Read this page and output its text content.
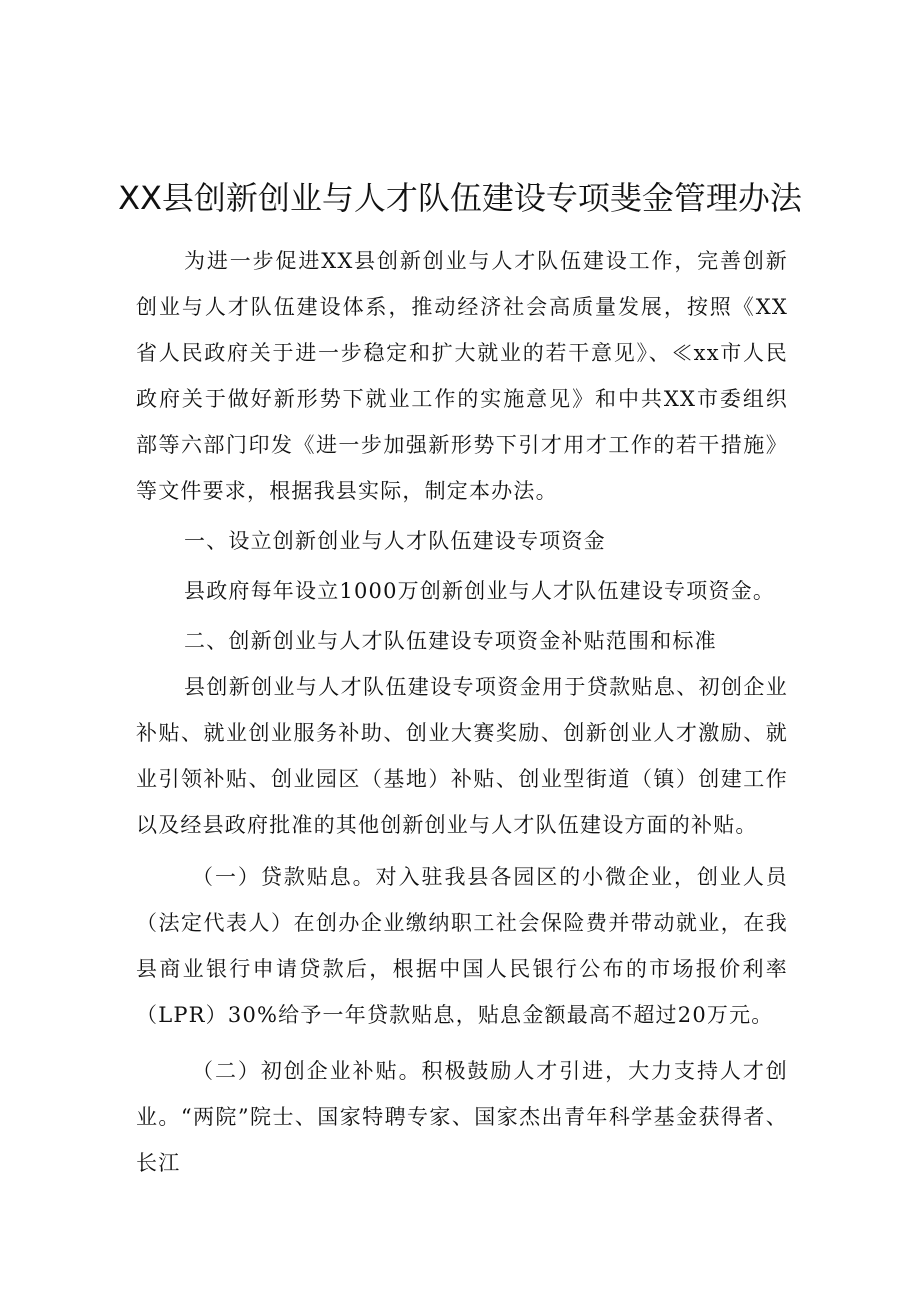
XX县创新创业与人才队伍建设专项斐金管理办法

为进一步促进XX县创新创业与人才队伍建设工作，完善创新创业与人才队伍建设体系，推动经济社会高质量发展，按照《XX省人民政府关于进一步稳定和扩大就业的若干意见》、≪xx市人民政府关于做好新形势下就业工作的实施意见》和中共XX市委组织部等六部门印发《进一步加强新形势下引才用才工作的若干措施》等文件要求，根据我县实际，制定本办法。

一、设立创新创业与人才队伍建设专项资金

县政府每年设立1000万创新创业与人才队伍建设专项资金。

二、创新创业与人才队伍建设专项资金补贴范围和标准

县创新创业与人才队伍建设专项资金用于贷款贴息、初创企业补贴、就业创业服务补助、创业大赛奖励、创新创业人才激励、就业引领补贴、创业园区（基地）补贴、创业型街道（镇）创建工作以及经县政府批准的其他创新创业与人才队伍建设方面的补贴。

（一）贷款贴息。对入驻我县各园区的小微企业，创业人员（法定代表人）在创办企业缴纳职工社会保险费并带动就业，在我县商业银行申请贷款后，根据中国人民银行公布的市场报价利率（LPR）30%给予一年贷款贴息，贴息金额最高不超过20万元。

（二）初创企业补贴。积极鼓励人才引进，大力支持人才创业。“两院”院士、国家特聘专家、国家杰出青年科学基金获得者、长江
